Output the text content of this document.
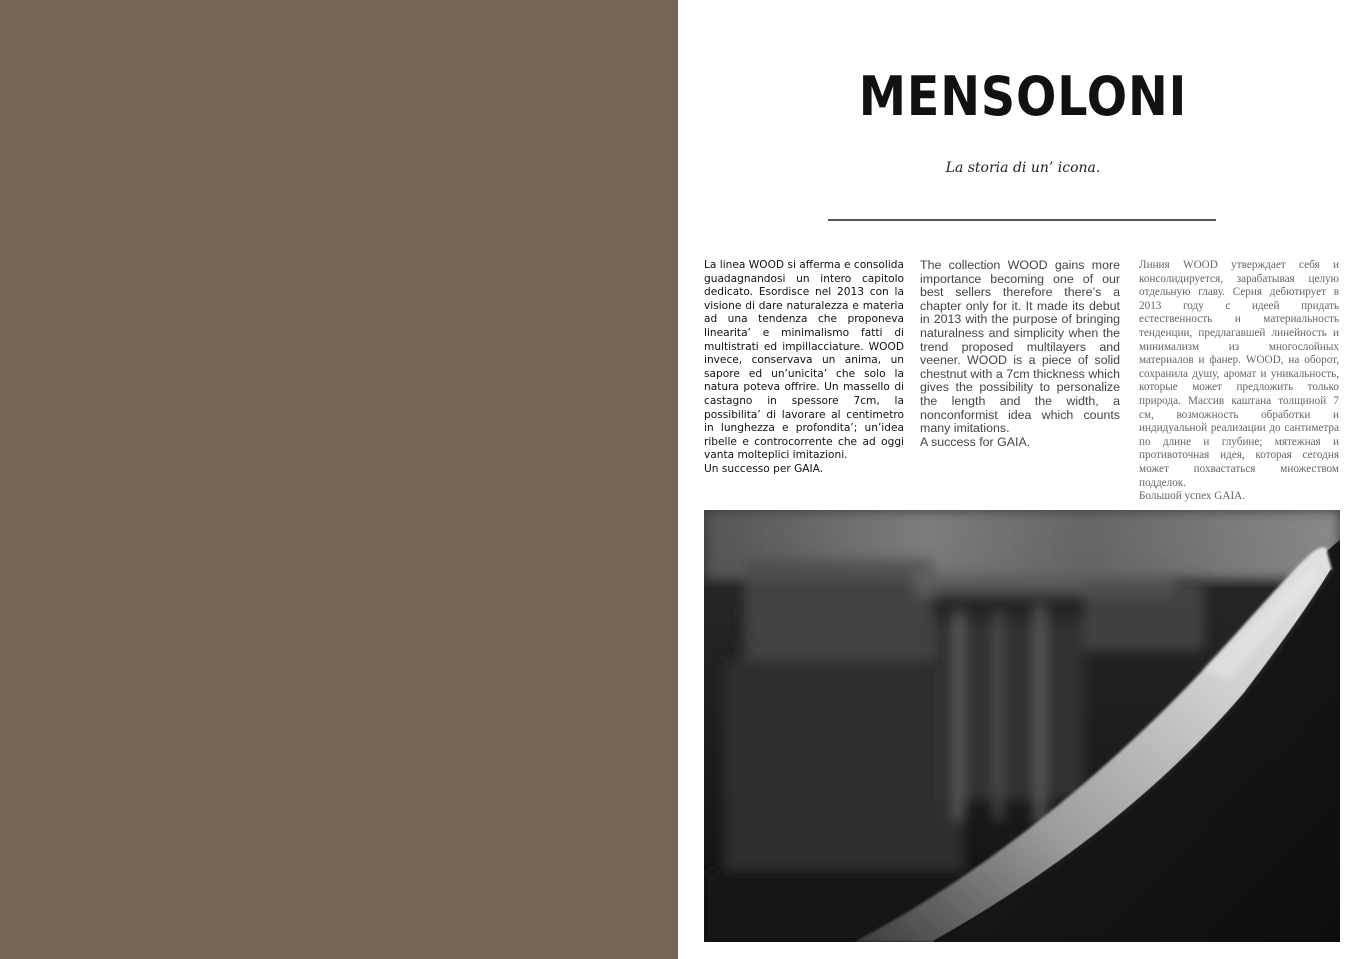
MENSOLONI
La storia di un’ icona.

La linea WOOD si afferma e consolida guadagnandosi un intero capitolo dedicato. Esordisce nel 2013 con la visione di dare naturalezza e materia ad una tendenza che proponeva linearita’ e minimalismo fatti di multistrati ed impillacciature. WOOD invece, conservava un anima, un sapore ed un’unicita’ che solo la natura poteva offrire. Un massello di castagno in spessore 7cm, la possibilita’ di lavorare al centimetro in lunghezza e profondita’; un’idea ribelle e controcorrente che ad oggi vanta molteplici imitazioni.

Un successo per GAIA.

The collection WOOD gains more importance becoming one of our best sellers therefore there’s a chapter only for it. It made its debut in 2013 with the purpose of bringing naturalness and simplicity when the trend proposed multilayers and veener. WOOD is a piece of solid chestnut with a 7cm thickness which gives the possibility to personalize the length and the width, a nonconformist idea which counts many imitations.

A success for GAIA.

Линия WOOD утверждает себя и консолидируется, зарабатывая целую отдельную главу. Серия дебютирует в 2013 году с идеей придать естественность и материальность тенденции, предлагавшей линейность и минимализм из многослойных материалов и фанер. WOOD, на оборот, сохранила душу, аромат и уникальность, которые может предложить только природа. Массив каштана толщиной 7 см, возможность обработки и индидуальной реализации до сантиметра по длине и глубине; мятежная и противоточная идея, которая сегодня может похвастаться множеством подделок.

Большой успех GAIA.
